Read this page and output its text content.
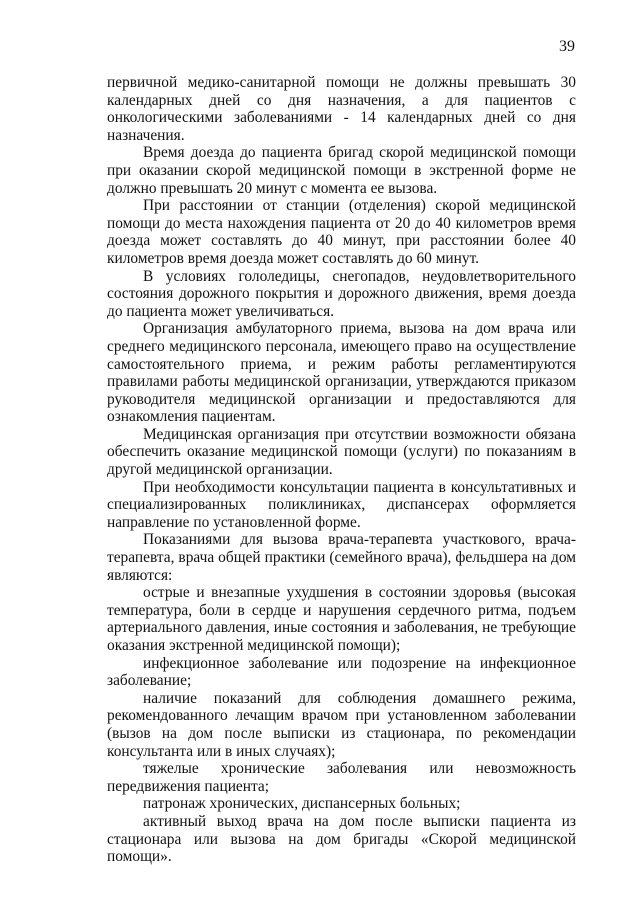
39

первичной медико-санитарной помощи не должны превышать 30 календарных дней со дня назначения, а для пациентов с онкологическими заболеваниями - 14 календарных дней со дня назначения.

Время доезда до пациента бригад скорой медицинской помощи при оказании скорой медицинской помощи в экстренной форме не должно превышать 20 минут с момента ее вызова.

При расстоянии от станции (отделения) скорой медицинской помощи до места нахождения пациента от 20 до 40 километров время доезда может составлять до 40 минут, при расстоянии более 40 километров время доезда может составлять до 60 минут.

В условиях гололедицы, снегопадов, неудовлетворительного состояния дорожного покрытия и дорожного движения, время доезда до пациента может увеличиваться.

Организация амбулаторного приема, вызова на дом врача или среднего медицинского персонала, имеющего право на осуществление самостоятельного приема, и режим работы регламентируются правилами работы медицинской организации, утверждаются приказом руководителя медицинской организации и предоставляются для ознакомления пациентам.

Медицинская организация при отсутствии возможности обязана обеспечить оказание медицинской помощи (услуги) по показаниям в другой медицинской организации.

При необходимости консультации пациента в консультативных и специализированных поликлиниках, диспансерах оформляется направление по установленной форме.

Показаниями для вызова врача-терапевта участкового, врача-терапевта, врача общей практики (семейного врача), фельдшера на дом являются:

острые и внезапные ухудшения в состоянии здоровья (высокая температура, боли в сердце и нарушения сердечного ритма, подъем артериального давления, иные состояния и заболевания, не требующие оказания экстренной медицинской помощи);

инфекционное заболевание или подозрение на инфекционное заболевание;

наличие показаний для соблюдения домашнего режима, рекомендованного лечащим врачом при установленном заболевании (вызов на дом после выписки из стационара, по рекомендации консультанта или в иных случаях);

тяжелые хронические заболевания или невозможность передвижения пациента;

патронаж хронических, диспансерных больных;

активный выход врача на дом после выписки пациента из стационара или вызова на дом бригады «Скорой медицинской помощи».
